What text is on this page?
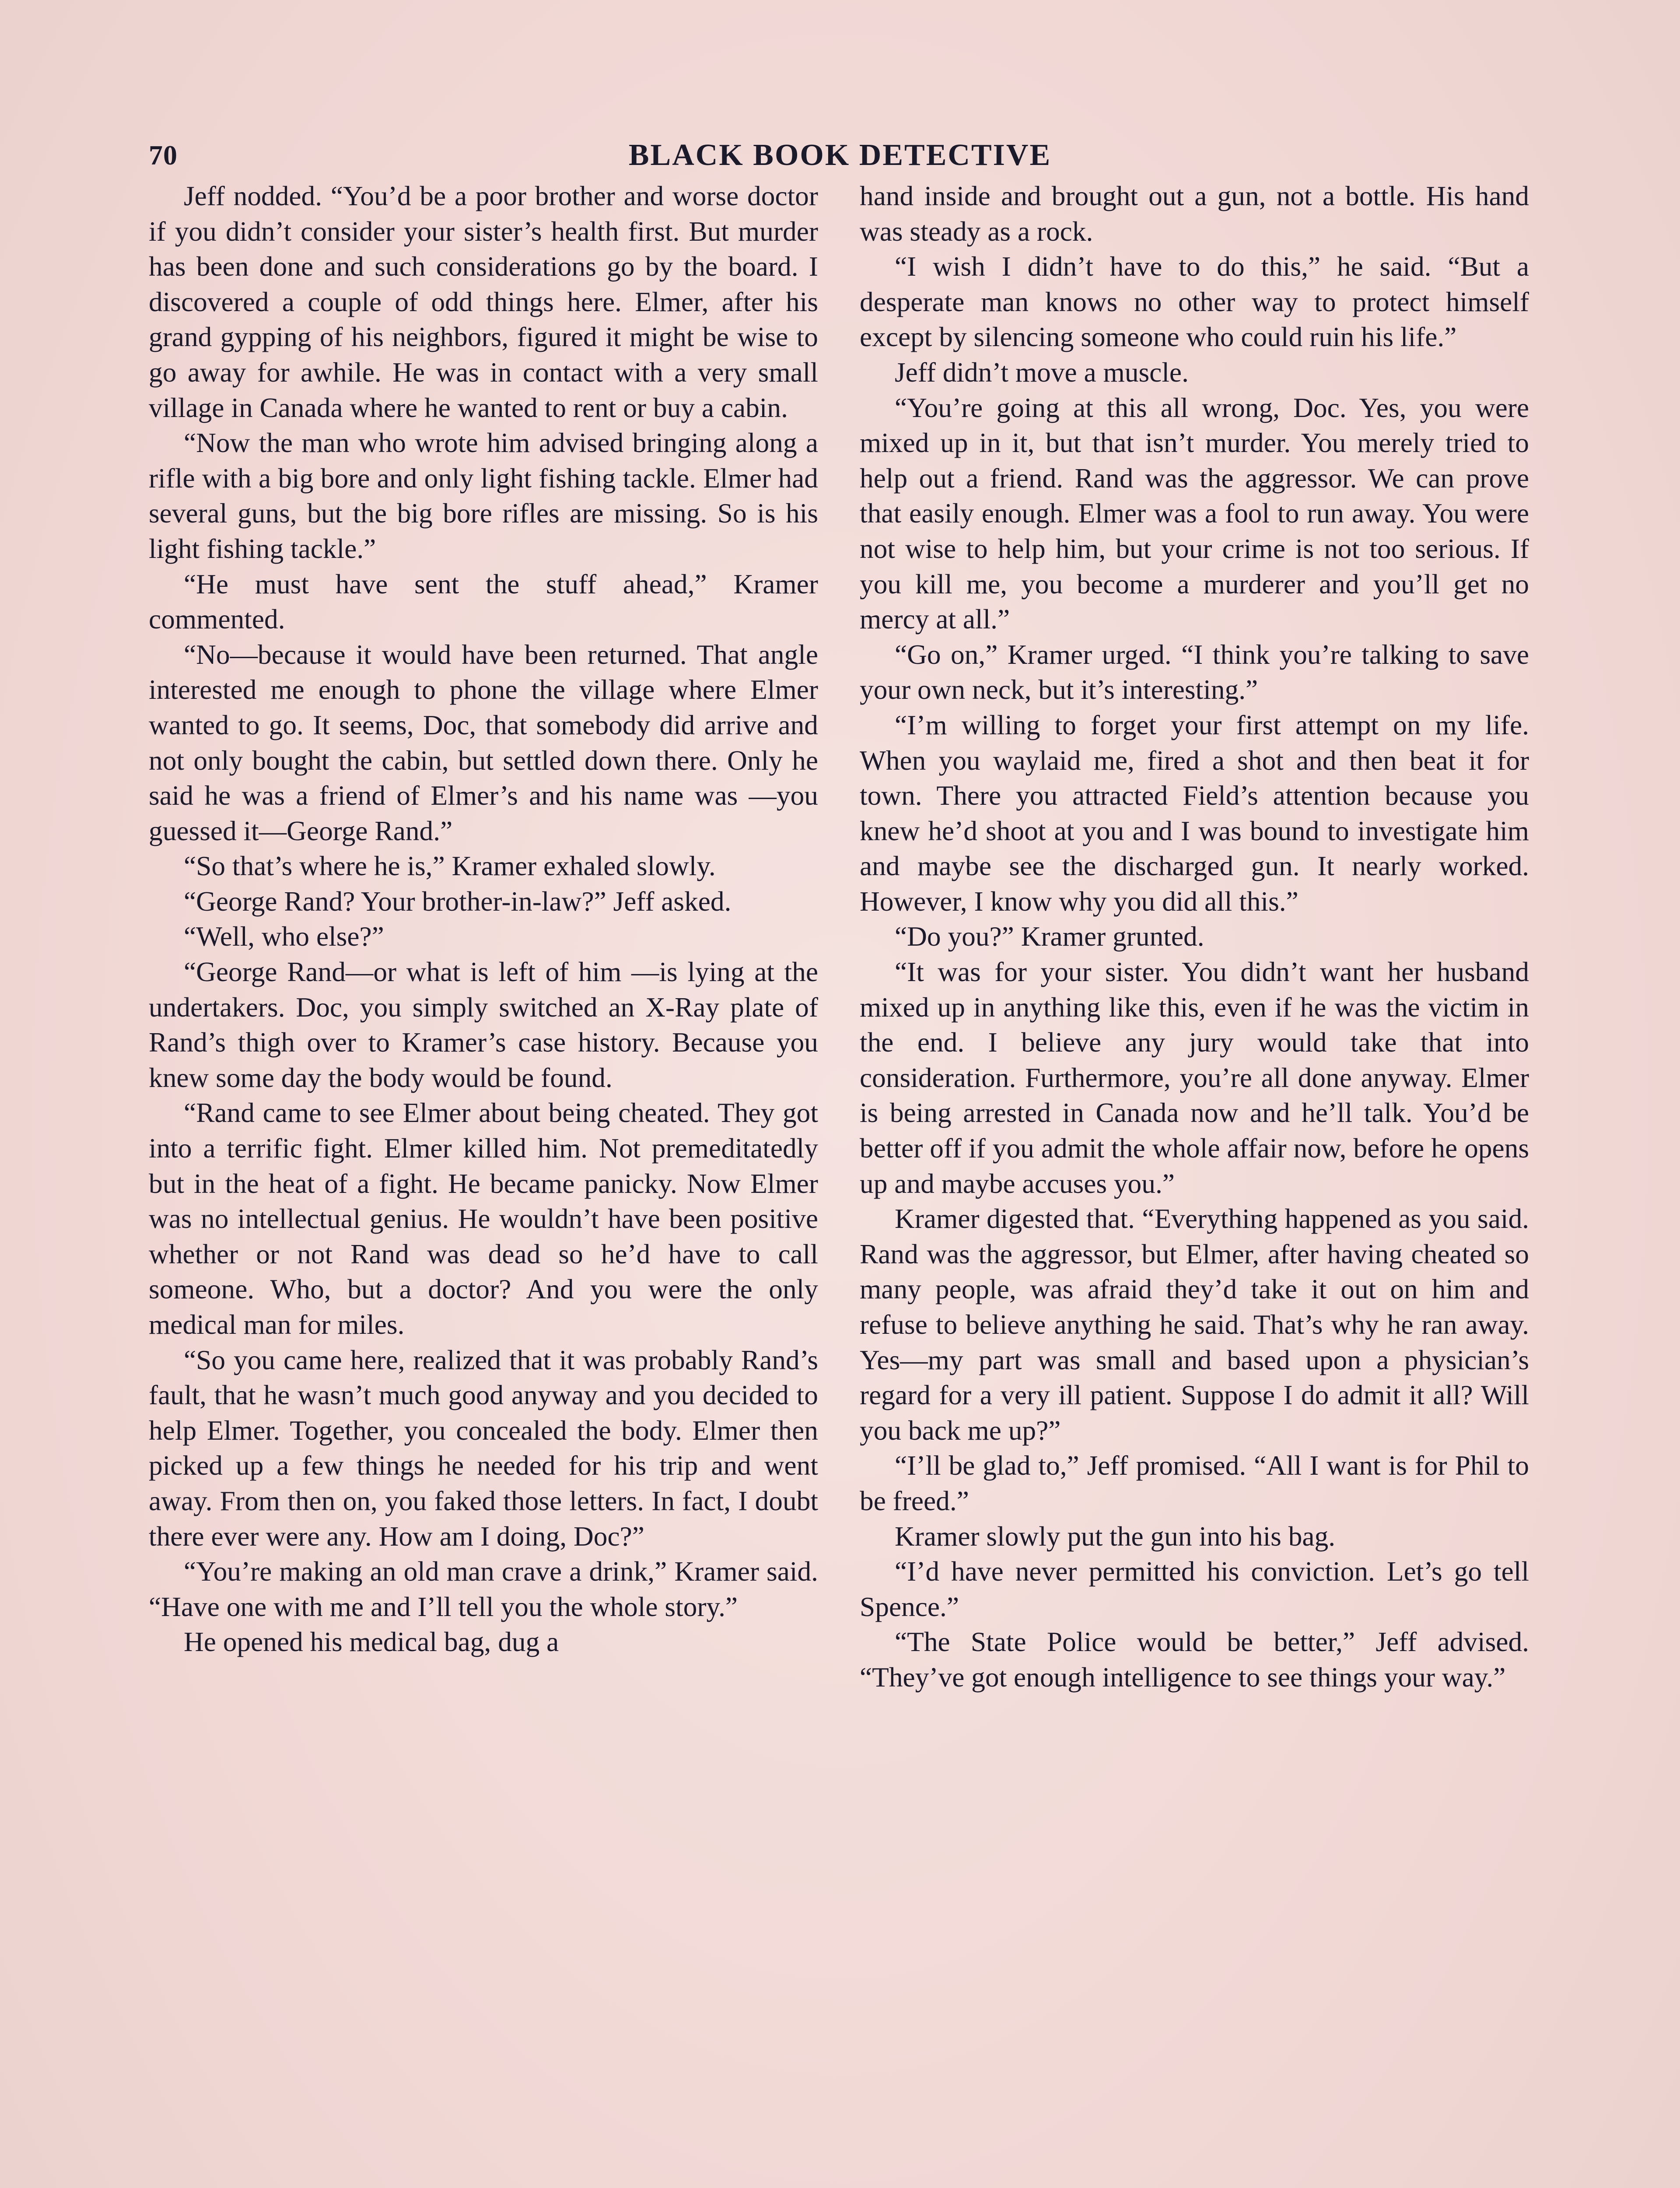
70	BLACK BOOK DETECTIVE

Jeff nodded. “You’d be a poor brother and worse doctor if you didn’t consider your sister’s health first. But murder has been done and such considerations go by the board. I discovered a couple of odd things here. Elmer, after his grand gypping of his neighbors, figured it might be wise to go away for awhile. He was in contact with a very small village in Canada where he wanted to rent or buy a cabin.

“Now the man who wrote him advised bringing along a rifle with a big bore and only light fishing tackle. Elmer had several guns, but the big bore rifles are missing. So is his light fishing tackle.”

“He must have sent the stuff ahead,” Kramer commented.

“No—because it would have been returned. That angle interested me enough to phone the village where Elmer wanted to go. It seems, Doc, that somebody did arrive and not only bought the cabin, but settled down there. Only he said he was a friend of Elmer’s and his name was —you guessed it—George Rand.”

“So that’s where he is,” Kramer exhaled slowly.

“George Rand? Your brother-in-law?” Jeff asked.

“Well, who else?”

“George Rand—or what is left of him —is lying at the undertakers. Doc, you simply switched an X-Ray plate of Rand’s thigh over to Kramer’s case history. Because you knew some day the body would be found.

“Rand came to see Elmer about being cheated. They got into a terrific fight. Elmer killed him. Not premeditatedly but in the heat of a fight. He became panicky. Now Elmer was no intellectual genius. He wouldn’t have been positive whether or not Rand was dead so he’d have to call someone. Who, but a doctor? And you were the only medical man for miles.

“So you came here, realized that it was probably Rand’s fault, that he wasn’t much good anyway and you decided to help Elmer. Together, you concealed the body. Elmer then picked up a few things he needed for his trip and went away. From then on, you faked those letters. In fact, I doubt there ever were any. How am I doing, Doc?”

“You’re making an old man crave a drink,” Kramer said. “Have one with me and I’ll tell you the whole story.”

He opened his medical bag, dug a

hand inside and brought out a gun, not a bottle. His hand was steady as a rock.

“I wish I didn’t have to do this,” he said. “But a desperate man knows no other way to protect himself except by silencing someone who could ruin his life.”

Jeff didn’t move a muscle.

“You’re going at this all wrong, Doc. Yes, you were mixed up in it, but that isn’t murder. You merely tried to help out a friend. Rand was the aggressor. We can prove that easily enough. Elmer was a fool to run away. You were not wise to help him, but your crime is not too serious. If you kill me, you become a murderer and you’ll get no mercy at all.”

“Go on,” Kramer urged. “I think you’re talking to save your own neck, but it’s interesting.”

“I’m willing to forget your first attempt on my life. When you waylaid me, fired a shot and then beat it for town. There you attracted Field’s attention because you knew he’d shoot at you and I was bound to investigate him and maybe see the discharged gun. It nearly worked. However, I know why you did all this.”

“Do you?” Kramer grunted.

“It was for your sister. You didn’t want her husband mixed up in anything like this, even if he was the victim in the end. I believe any jury would take that into consideration. Furthermore, you’re all done anyway. Elmer is being arrested in Canada now and he’ll talk. You’d be better off if you admit the whole affair now, before he opens up and maybe accuses you.”

Kramer digested that. “Everything happened as you said. Rand was the aggressor, but Elmer, after having cheated so many people, was afraid they’d take it out on him and refuse to believe anything he said. That’s why he ran away. Yes—my part was small and based upon a physician’s regard for a very ill patient. Suppose I do admit it all? Will you back me up?”

“I’ll be glad to,” Jeff promised. “All I want is for Phil to be freed.”

Kramer slowly put the gun into his bag.

“I’d have never permitted his conviction. Let’s go tell Spence.”

“The State Police would be better,” Jeff advised. “They’ve got enough intelligence to see things your way.”
